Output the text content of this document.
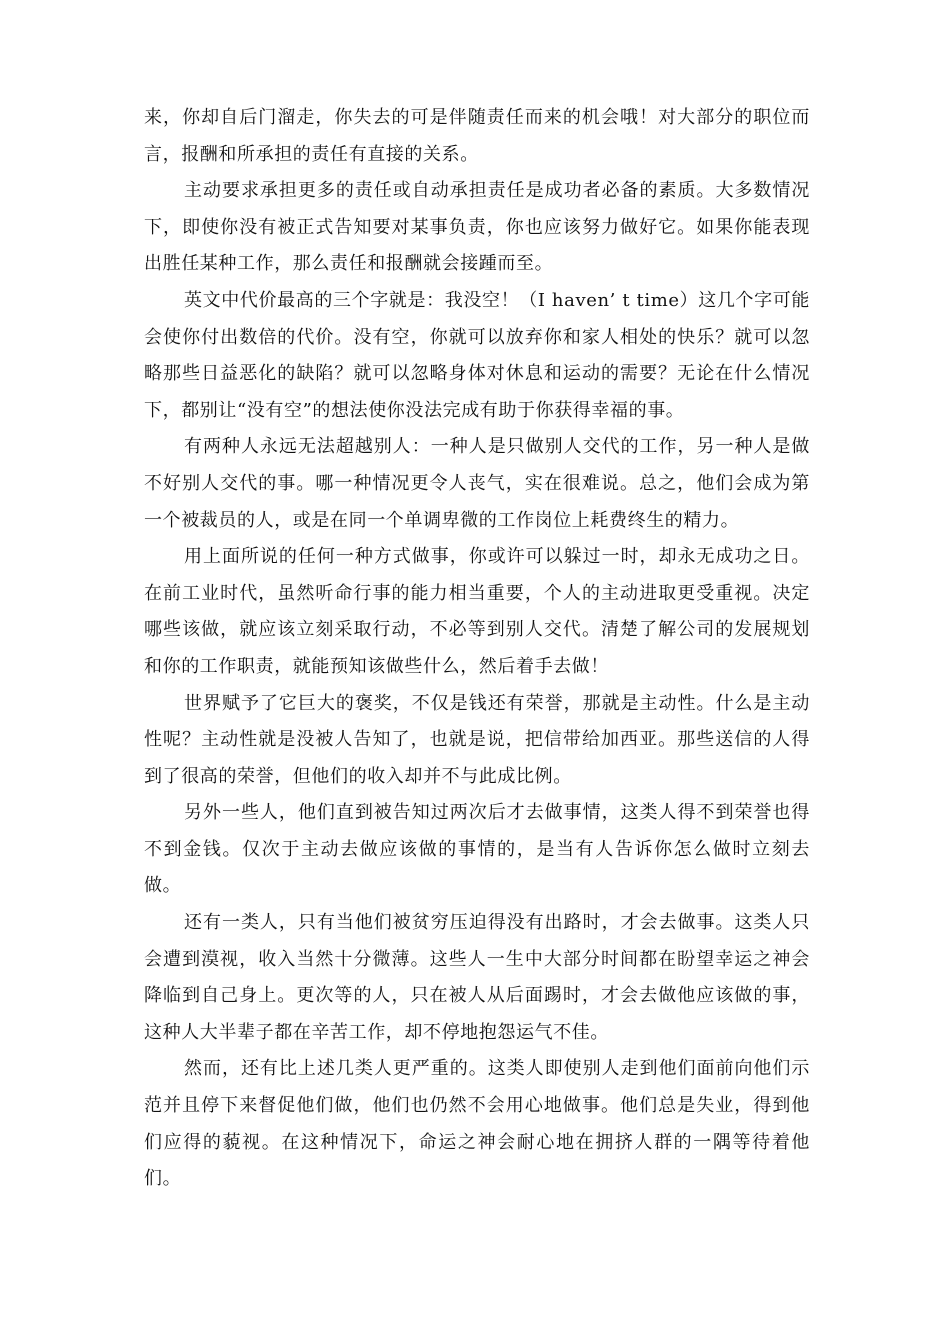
来，你却自后门溜走，你失去的可是伴随责任而来的机会哦！对大部分的职位而言，报酬和所承担的责任有直接的关系。

主动要求承担更多的责任或自动承担责任是成功者必备的素质。大多数情况下，即使你没有被正式告知要对某事负责，你也应该努力做好它。如果你能表现出胜任某种工作，那么责任和报酬就会接踵而至。

英文中代价最高的三个字就是：我没空！（I haven’ t time）这几个字可能会使你付出数倍的代价。没有空，你就可以放弃你和家人相处的快乐？就可以忽略那些日益恶化的缺陷？就可以忽略身体对休息和运动的需要？无论在什么情况下，都别让“没有空”的想法使你没法完成有助于你获得幸福的事。

有两种人永远无法超越别人：一种人是只做别人交代的工作，另一种人是做不好别人交代的事。哪一种情况更令人丧气，实在很难说。总之，他们会成为第一个被裁员的人，或是在同一个单调卑微的工作岗位上耗费终生的精力。

用上面所说的任何一种方式做事，你或许可以躲过一时，却永无成功之日。在前工业时代，虽然听命行事的能力相当重要，个人的主动进取更受重视。决定哪些该做，就应该立刻采取行动，不必等到别人交代。清楚了解公司的发展规划和你的工作职责，就能预知该做些什么，然后着手去做！

世界赋予了它巨大的褒奖，不仅是钱还有荣誉，那就是主动性。什么是主动性呢？主动性就是没被人告知了，也就是说，把信带给加西亚。那些送信的人得到了很高的荣誉，但他们的收入却并不与此成比例。

另外一些人，他们直到被告知过两次后才去做事情，这类人得不到荣誉也得不到金钱。仅次于主动去做应该做的事情的，是当有人告诉你怎么做时立刻去做。

还有一类人，只有当他们被贫穷压迫得没有出路时，才会去做事。这类人只会遭到漠视，收入当然十分微薄。这些人一生中大部分时间都在盼望幸运之神会降临到自己身上。更次等的人，只在被人从后面踢时，才会去做他应该做的事，这种人大半辈子都在辛苦工作，却不停地抱怨运气不佳。

然而，还有比上述几类人更严重的。这类人即使别人走到他们面前向他们示范并且停下来督促他们做，他们也仍然不会用心地做事。他们总是失业，得到他们应得的藐视。在这种情况下，命运之神会耐心地在拥挤人群的一隅等待着他们。
